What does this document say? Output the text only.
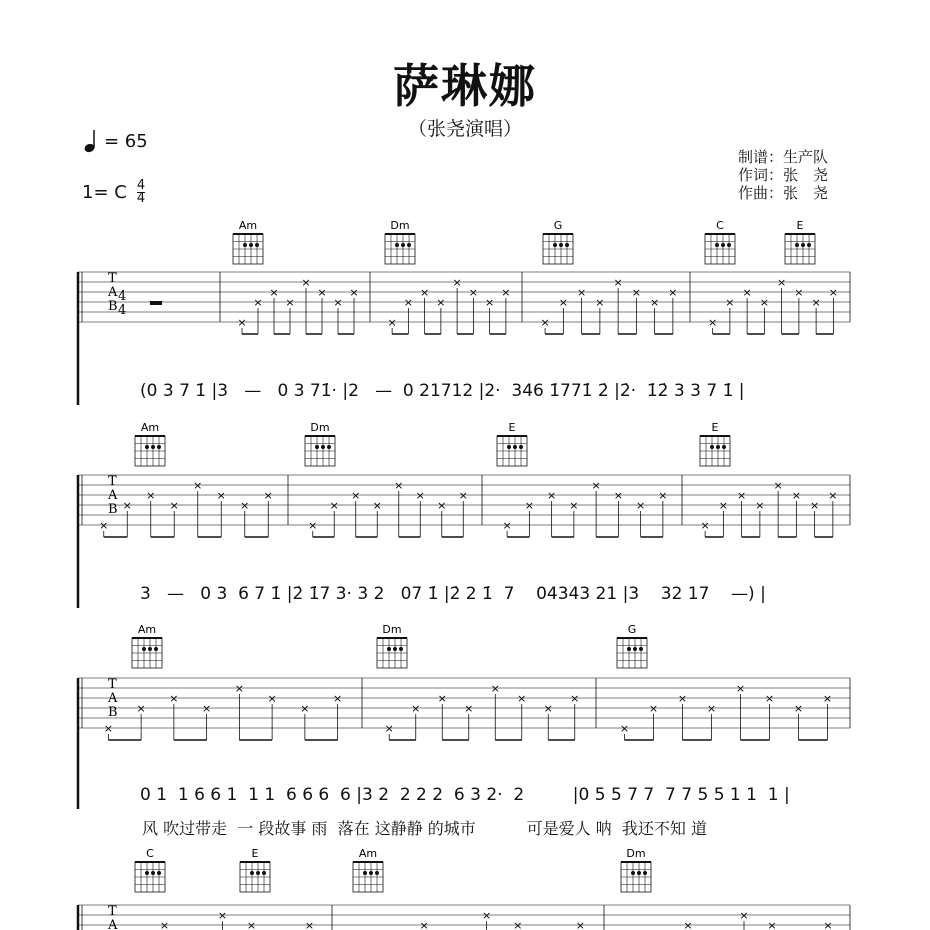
萨琳娜
（张尧演唱）
= 65
1= C $\frac{4}{4}$
制谱：生产队
作词：张　尧
作曲：张　尧
Am	Dm	G	C	E
T
A
B
×
×
×
×
×
×
×
×
×
×
×
×
×
×
×
×
×
×
×
×
×
×
×
×
×
×
×
×
×
×
×
×
4
4
Am	Dm	E	E
T
A
B
×
×
×
×
×
×
×
×
×
×
×
×
×
×
×
×
×
×
×
×
×
×
×
×
×
×
×
×
×
×
×
×
Am	Dm	G
T
A
B
×
×
×
×
×
×
×
×
×
×
×
×
×
×
×
×
×
×
×
×
×
×
×
×
C	E	Am	Dm
T
A	×
×
×	×	×
×
×	×	×
×
×	×
(0 3 7 1̇ |3   —   0 3 71̇· |2   —  0 21712 |2·  346 1̇771̇ 2̇ |2̇·  1̇2̇ 3 3 7 1̇ |
3   —   0 3  6 7 1̇ |2̇ 1̇7 3· 3 2   07 1̇ |2̇ 2 1̇  7    04343 21 |3    32 17    —) |
0 1  1 6 6 1  1 1  6 6 6  6 |3 2  2 2 2  6 3 2·  2         |0 5 5 7 7  7 7 5 5 1 1  1 |
风 吹过带走  一 段故事 雨  落在 这静静 的城市          可是爱人 呐  我还不知 道
